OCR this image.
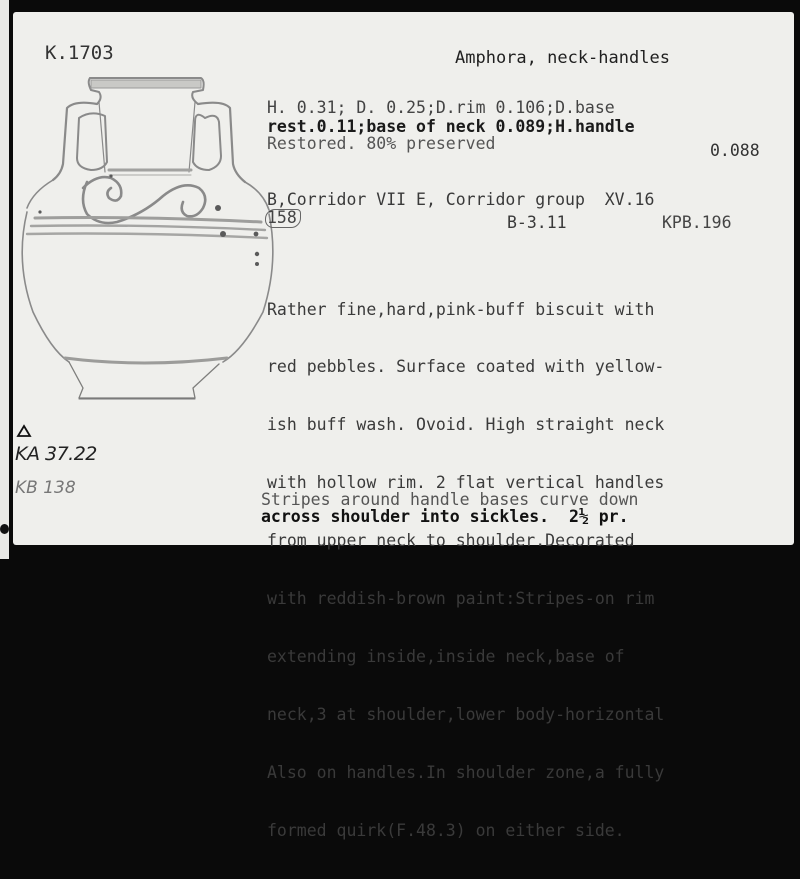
K.1703	Amphora, neck-handles
H. 0.31; D. 0.25;D.rim 0.106;D.base
rest.0.11;base of neck 0.089;H.handle
Restored. 80% preserved	0.088
B,Corridor VII E, Corridor group  XV.16
158	B-3.11	KPB.196

Rather fine,hard,pink-buff biscuit with

red pebbles. Surface coated with yellow-

ish buff wash. Ovoid. High straight neck

with hollow rim. 2 flat vertical handles

from upper neck to shoulder.Decorated

with reddish-brown paint:Stripes-on rim

extending inside,inside neck,base of

neck,3 at shoulder,lower body-horizontal

Also on handles.In shoulder zone,a fully

formed quirk(F.48.3) on either side.

Stripes around handle bases curve down
across shoulder into sickles.  2½ pr.
KA 37.22
KB 138
